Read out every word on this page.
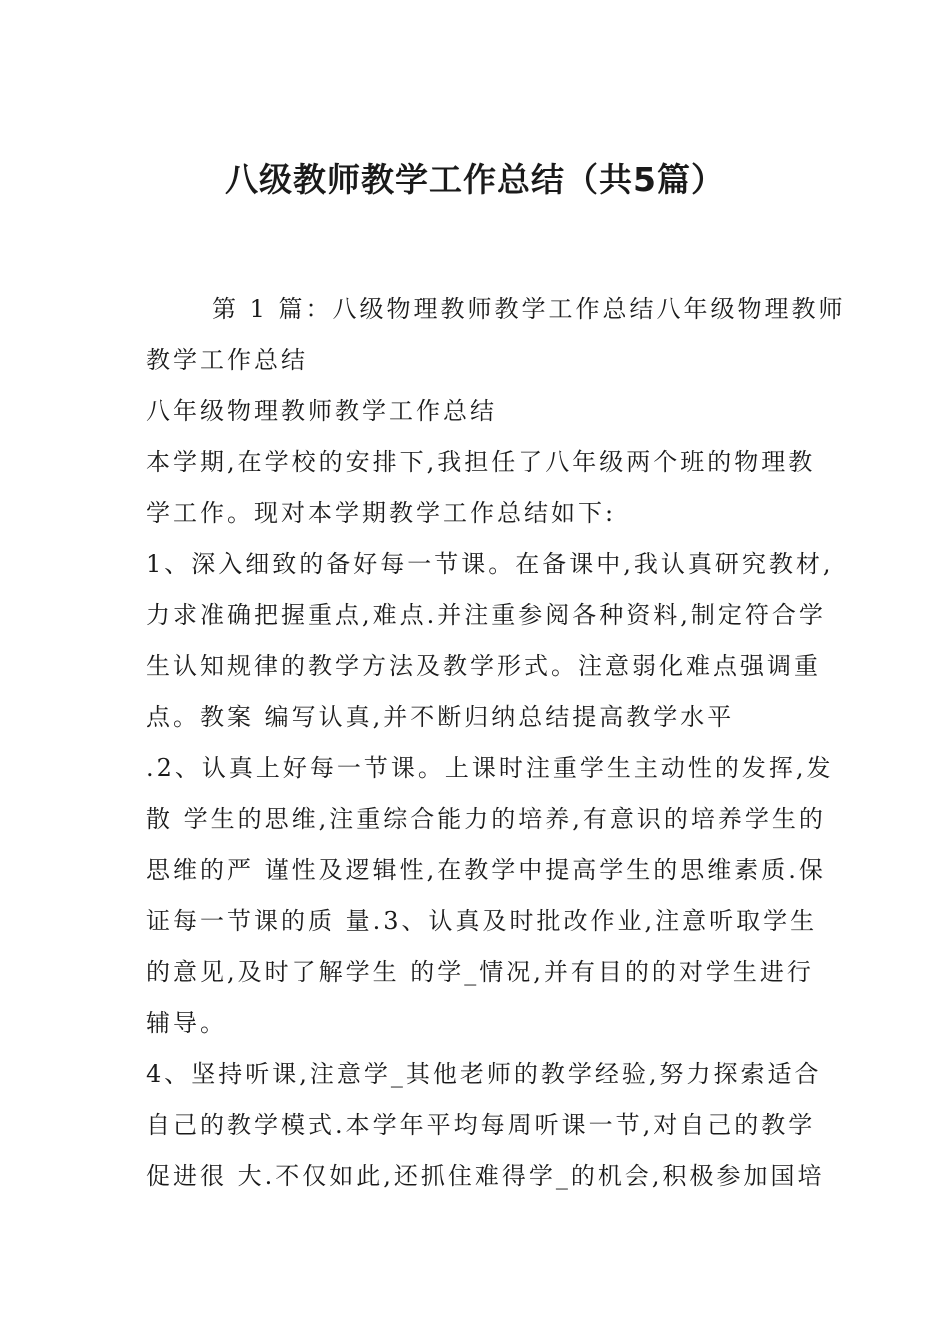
八级教师教学工作总结（共5篇）
第 1 篇：八级物理教师教学工作总结八年级物理教师
教学工作总结
八年级物理教师教学工作总结
本学期,在学校的安排下,我担任了八年级两个班的物理教
学工作。现对本学期教学工作总结如下:
1、深入细致的备好每一节课。在备课中,我认真研究教材,
力求准确把握重点,难点.并注重参阅各种资料,制定符合学
生认知规律的教学方法及教学形式。注意弱化难点强调重
点。教案 编写认真,并不断归纳总结提高教学水平
.2、认真上好每一节课。上课时注重学生主动性的发挥,发
散 学生的思维,注重综合能力的培养,有意识的培养学生的
思维的严 谨性及逻辑性,在教学中提高学生的思维素质.保
证每一节课的质 量.3、认真及时批改作业,注意听取学生
的意见,及时了解学生 的学_情况,并有目的的对学生进行
辅导。
4、坚持听课,注意学_其他老师的教学经验,努力探索适合
自己的教学模式.本学年平均每周听课一节,对自己的教学
促进很 大.不仅如此,还抓住难得学_的机会,积极参加国培
